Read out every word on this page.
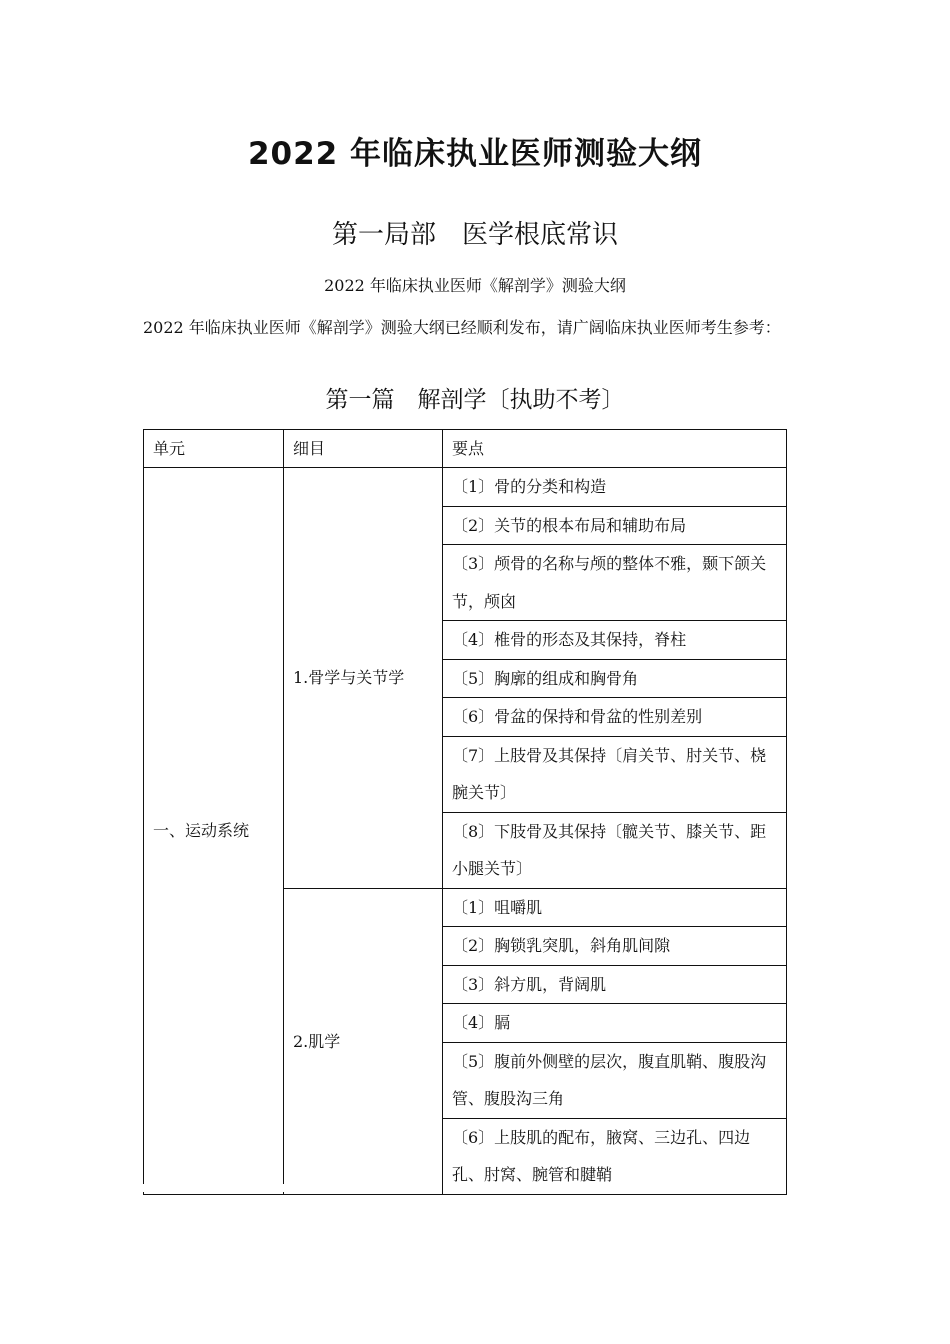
2022 年临床执业医师测验大纲
第一局部　医学根底常识
2022 年临床执业医师《解剖学》测验大纲
2022 年临床执业医师《解剖学》测验大纲已经顺利发布，请广阔临床执业医师考生参考：
第一篇　解剖学〔执助不考〕
单元	细目	要点
一、运动系统	1.骨学与关节学	〔1〕骨的分类和构造
		〔2〕关节的根本布局和辅助布局
		〔3〕颅骨的名称与颅的整体不雅，颞下颌关节，颅囟
		〔4〕椎骨的形态及其保持，脊柱
		〔5〕胸廓的组成和胸骨角
		〔6〕骨盆的保持和骨盆的性别差别
		〔7〕上肢骨及其保持〔肩关节、肘关节、桡腕关节〕
		〔8〕下肢骨及其保持〔髋关节、膝关节、距小腿关节〕
	2.肌学	〔1〕咀嚼肌
		〔2〕胸锁乳突肌，斜角肌间隙
		〔3〕斜方肌，背阔肌
		〔4〕膈
		〔5〕腹前外侧壁的层次，腹直肌鞘、腹股沟管、腹股沟三角
		〔6〕上肢肌的配布，腋窝、三边孔、四边孔、肘窝、腕管和腱鞘
